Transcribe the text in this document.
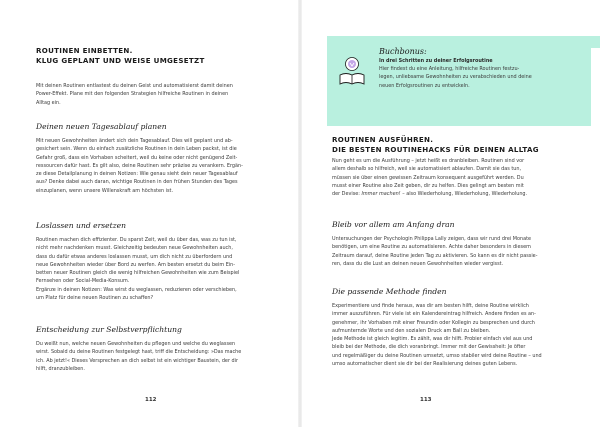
ROUTINEN EINBETTEN.

KLUG GEPLANT UND WEISE UMGESETZT

Mit deinen Routinen entlastest du deinen Geist und automatisierst damit deinen

Power-Effekt. Plane mit den folgenden Strategien hilfreiche Routinen in deinen

Alltag ein.

Deinen neuen Tagesablauf planen

Mit neuen Gewohnheiten ändert sich dein Tagesablauf. Dies will geplant und ab-

gesichert sein. Wenn du einfach zusätzliche Routinen in dein Leben packst, ist die

Gefahr groß, dass ein Vorhaben scheitert, weil du keine oder nicht genügend Zeit-

ressourcen dafür hast. Es gilt also, deine Routinen sehr präzise zu verankern. Ergän-

ze diese Detailplanung in deinen Notizen: Wie genau sieht dein neuer Tagesablauf

aus? Denke dabei auch daran, wichtige Routinen in den frühen Stunden des Tages

einzuplanen, wenn unsere Willenskraft am höchsten ist.

Loslassen und ersetzen

Routinen machen dich effizienter. Du sparst Zeit, weil du über das, was zu tun ist,

nicht mehr nachdenken musst. Gleichzeitig bedeuten neue Gewohnheiten auch,

dass du dafür etwas anderes loslassen musst, um dich nicht zu überfordern und

neue Gewohnheiten wieder über Bord zu werfen. Am besten ersetzt du beim Ein-

betten neuer Routinen gleich die wenig hilfreichen Gewohnheiten wie zum Beispiel

Fernsehen oder Social-Media-Konsum.

Ergänze in deinen Notizen: Was wirst du weglassen, reduzieren oder verschieben,

um Platz für deine neuen Routinen zu schaffen?

Entscheidung zur Selbstverpflichtung

Du weißt nun, welche neuen Gewohnheiten du pflegen und welche du weglassen

wirst. Sobald du deine Routinen festgelegt hast, triff die Entscheidung: »Das mache

ich. Ab jetzt!« Dieses Versprechen an dich selbst ist ein wichtiger Baustein, der dir

hilft, dranzubleiben.

112

Buchbonus:

In drei Schritten zu deiner Erfolgsroutine

Hier findest du eine Anleitung, hilfreiche Routinen festzu-

legen, unliebsame Gewohnheiten zu verabschieden und deine

neuen Erfolgsroutinen zu entwickeln.

ROUTINEN AUSFÜHREN.

DIE BESTEN ROUTINEHACKS FÜR DEINEN ALLTAG

Nun geht es um die Ausführung – jetzt heißt es dranbleiben. Routinen sind vor

allem deshalb so hilfreich, weil sie automatisiert ablaufen. Damit sie das tun,

müssen sie über einen gewissen Zeitraum konsequent ausgeführt werden. Du

musst einer Routine also Zeit geben, dir zu helfen. Dies gelingt am besten mit

der Devise: Immer machen! – also Wiederholung, Wiederholung, Wiederholung.

Bleib vor allem am Anfang dran

Untersuchungen der Psychologin Philippa Lally zeigen, dass wir rund drei Monate

benötigen, um eine Routine zu automatisieren. Achte daher besonders in diesem

Zeitraum darauf, deine Routine jeden Tag zu aktivieren. So kann es dir nicht passie-

ren, dass du die Lust an deinen neuen Gewohnheiten wieder vergisst.

Die passende Methode finden

Experimentiere und finde heraus, was dir am besten hilft, deine Routine wirklich

immer auszuführen. Für viele ist ein Kalendereintrag hilfreich. Andere finden es an-

genehmer, ihr Vorhaben mit einer Freundin oder Kollegin zu besprechen und durch

aufmunternde Worte und den sozialen Druck am Ball zu bleiben.

Jede Methode ist gleich legitim. Es zählt, was dir hilft. Probier einfach viel aus und

bleib bei der Methode, die dich voranbringt. Immer mit der Gewissheit: Je öfter

und regelmäßiger du deine Routinen umsetzt, umso stabiler wird deine Routine – und

umso automatischer dient sie dir bei der Realisierung deines guten Lebens.

113
